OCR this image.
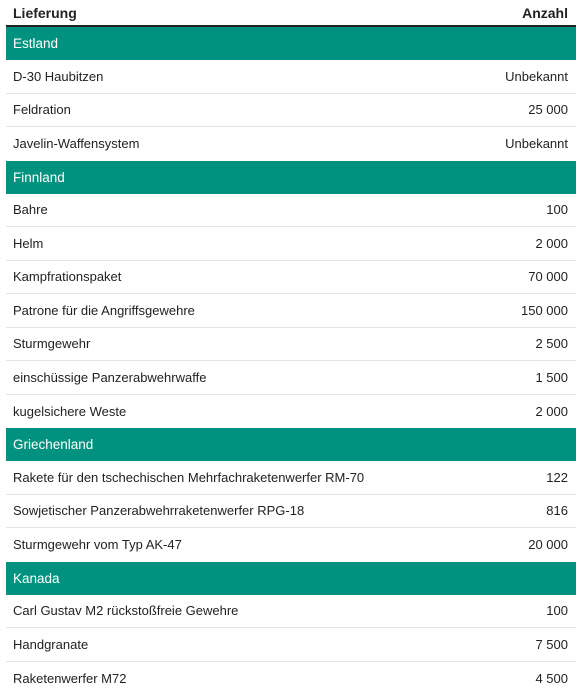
Lieferung	Anzahl
Estland
D-30 Haubitzen	Unbekannt
Feldration	25 000
Javelin-Waffensystem	Unbekannt
Finnland
Bahre	100
Helm	2 000
Kampfrationspaket	70 000
Patrone für die Angriffsgewehre	150 000
Sturmgewehr	2 500
einschüssige Panzerabwehrwaffe	1 500
kugelsichere Weste	2 000
Griechenland
Rakete für den tschechischen Mehrfachraketenwerfer RM-70	122
Sowjetischer Panzerabwehrraketenwerfer RPG-18	816
Sturmgewehr vom Typ AK-47	20 000
Kanada
Carl Gustav M2 rückstoßfreie Gewehre	100
Handgranate	7 500
Raketenwerfer M72	4 500
